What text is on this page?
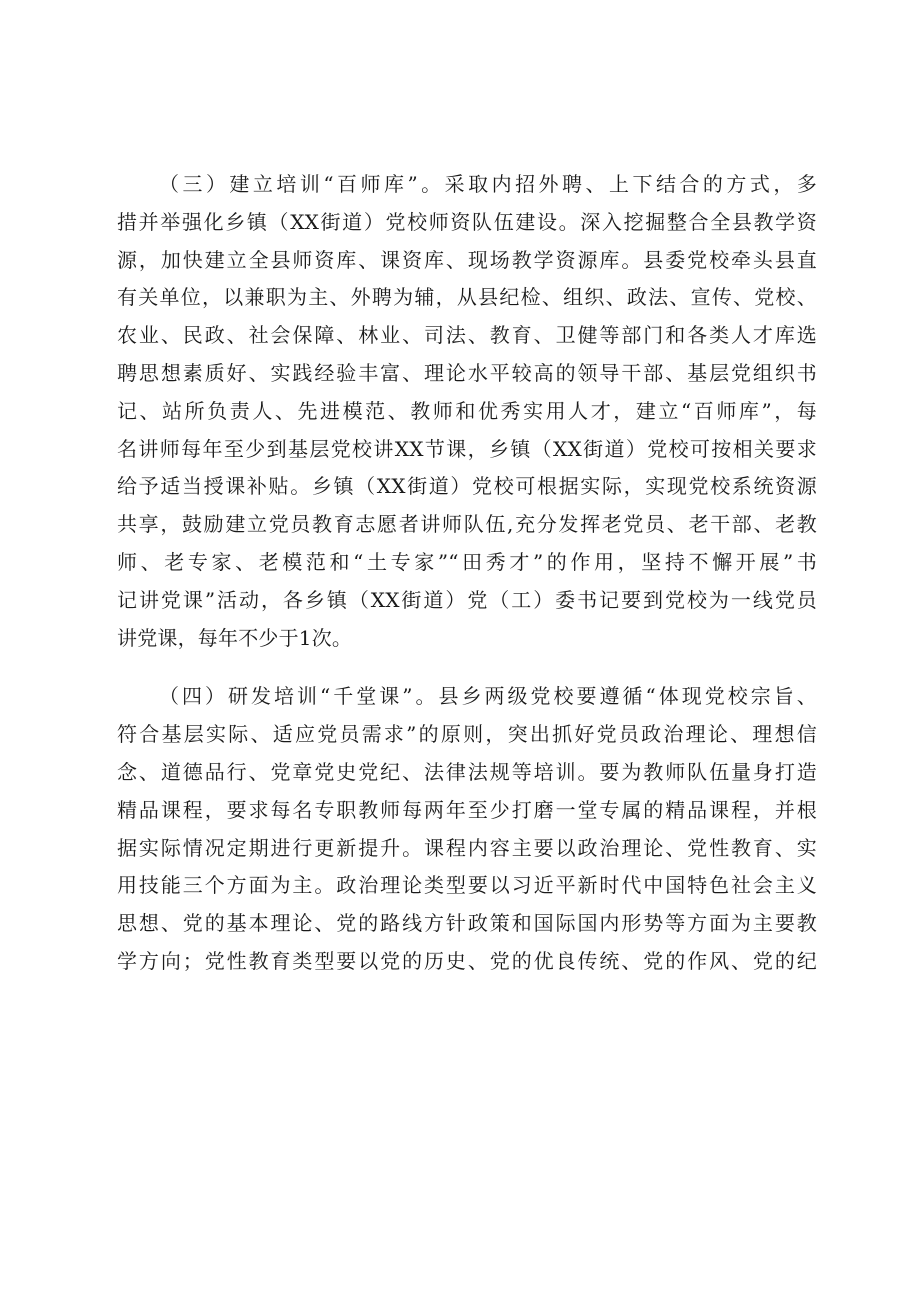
（三）建立培训“百师库”。采取内招外聘、上下结合的方式，多
措并举强化乡镇（XX街道）党校师资队伍建设。深入挖掘整合全县教学资
源，加快建立全县师资库、课资库、现场教学资源库。县委党校牵头县直
有关单位，以兼职为主、外聘为辅，从县纪检、组织、政法、宣传、党校、
农业、民政、社会保障、林业、司法、教育、卫健等部门和各类人才库选
聘思想素质好、实践经验丰富、理论水平较高的领导干部、基层党组织书
记、站所负责人、先进模范、教师和优秀实用人才，建立“百师库”，每
名讲师每年至少到基层党校讲XX节课，乡镇（XX街道）党校可按相关要求
给予适当授课补贴。乡镇（XX街道）党校可根据实际，实现党校系统资源
共享，鼓励建立党员教育志愿者讲师队伍,充分发挥老党员、老干部、老教
师、老专家、老模范和“土专家”“田秀才”的作用，坚持不懈开展”书
记讲党课”活动，各乡镇（XX街道）党（工）委书记要到党校为一线党员
讲党课，每年不少于1次。
（四）研发培训“千堂课”。县乡两级党校要遵循“体现党校宗旨、
符合基层实际、适应党员需求”的原则，突出抓好党员政治理论、理想信
念、道德品行、党章党史党纪、法律法规等培训。要为教师队伍量身打造
精品课程，要求每名专职教师每两年至少打磨一堂专属的精品课程，并根
据实际情况定期进行更新提升。课程内容主要以政治理论、党性教育、实
用技能三个方面为主。政治理论类型要以习近平新时代中国特色社会主义
思想、党的基本理论、党的路线方针政策和国际国内形势等方面为主要教
学方向；党性教育类型要以党的历史、党的优良传统、党的作风、党的纪
